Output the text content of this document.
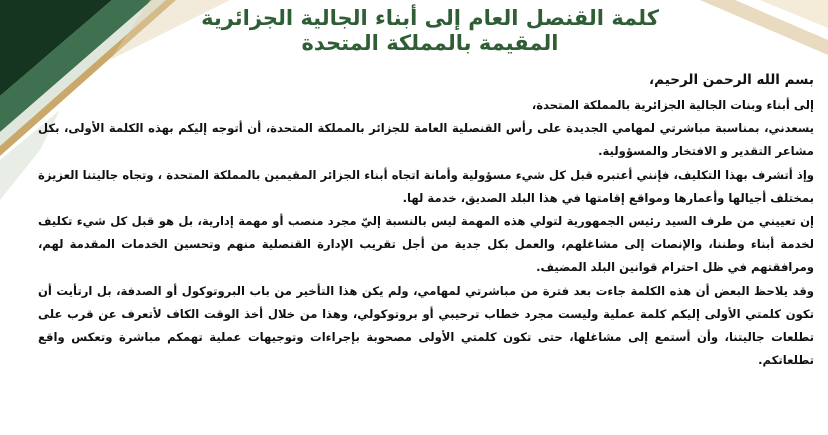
كلمة القنصل العام إلى أبناء الجالية الجزائرية
المقيمة بالمملكة المتحدة

بسم الله الرحمن الرحيم،

إلى أبناء وبنات الجالية الجزائرية بالمملكة المتحدة،

يسعدني، بمناسبة مباشرتي لمهامي الجديدة على رأس القنصلية العامة للجزائر بالمملكة المتحدة، أن أتوجه إليكم بهذه الكلمة الأولى، بكل مشاعر التقدير و الافتخار والمسؤولية.

وإذ أتشرف بهذا التكليف، فإنني أعتبره قبل كل شيء مسؤولية وأمانة اتجاه أبناء الجزائر المقيمين بالمملكة المتحدة ، وتجاه جاليتنا العزيزة بمختلف أجيالها وأعمارها ومواقع إقامتها في هذا البلد الصديق، خدمة لها.

إن تعييني من طرف السيد رئيس الجمهورية لتولي هذه المهمة ليس بالنسبة إليّ مجرد منصب أو مهمة إدارية، بل هو قبل كل شيء تكليف لخدمة أبناء وطننا، والإنصات إلى مشاغلهم، والعمل بكل جدية من أجل تقريب الإدارة القنصلية منهم وتحسين الخدمات المقدمة لهم، ومرافقتهم في ظل احترام قوانين البلد المضيف.

وقد يلاحظ البعض أن هذه الكلمة جاءت بعد فترة من مباشرتي لمهامي، ولم يكن هذا التأخير من باب البروتوكول أو الصدفة، بل ارتأيت أن تكون كلمتي الأولى إليكم كلمة عملية وليست مجرد خطاب ترحيبي أو بروتوكولي، وهذا من خلال أخذ الوقت الكاف لأتعرف عن قرب على تطلعات جاليتنا، وأن أستمع إلى مشاغلها، حتى تكون كلمتي الأولى مصحوبة بإجراءات وتوجيهات عملية تهمكم مباشرة وتعكس واقع تطلعاتكم.
